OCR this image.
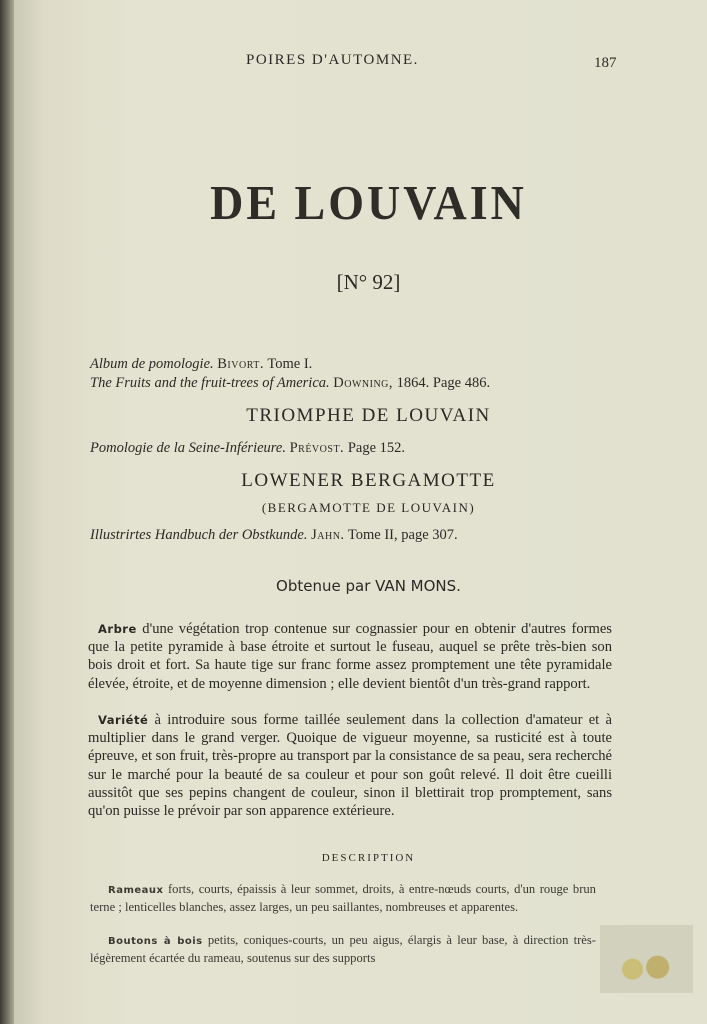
POIRES D'AUTOMNE.	187
DE LOUVAIN
[N° 92]
Album de pomologie. Bivort. Tome I.
The Fruits and the fruit-trees of America. Downing, 1864. Page 486.
TRIOMPHE DE LOUVAIN
Pomologie de la Seine-Inférieure. Prévost. Page 152.
LOWENER BERGAMOTTE
(BERGAMOTTE DE LOUVAIN)
Illustrirtes Handbuch der Obstkunde. Jahn. Tome II, page 307.
Obtenue par VAN MONS.
Arbre d'une végétation trop contenue sur cognassier pour en obtenir d'autres formes que la petite pyramide à base étroite et surtout le fuseau, auquel se prête très-bien son bois droit et fort. Sa haute tige sur franc forme assez promptement une tête pyramidale élevée, étroite, et de moyenne dimension ; elle devient bientôt d'un très-grand rapport.
Variété à introduire sous forme taillée seulement dans la collection d'amateur et à multiplier dans le grand verger. Quoique de vigueur moyenne, sa rusticité est à toute épreuve, et son fruit, très-propre au transport par la consistance de sa peau, sera recherché sur le marché pour la beauté de sa couleur et pour son goût relevé. Il doit être cueilli aussitôt que ses pepins changent de couleur, sinon il blettirait trop promptement, sans qu'on puisse le prévoir par son apparence extérieure.
DESCRIPTION
Rameaux forts, courts, épaissis à leur sommet, droits, à entre-nœuds courts, d'un rouge brun terne ; lenticelles blanches, assez larges, un peu saillantes, nombreuses et apparentes.
Boutons à bois petits, coniques-courts, un peu aigus, élargis à leur base, à direction très-légèrement écartée du rameau, soutenus sur des supports
